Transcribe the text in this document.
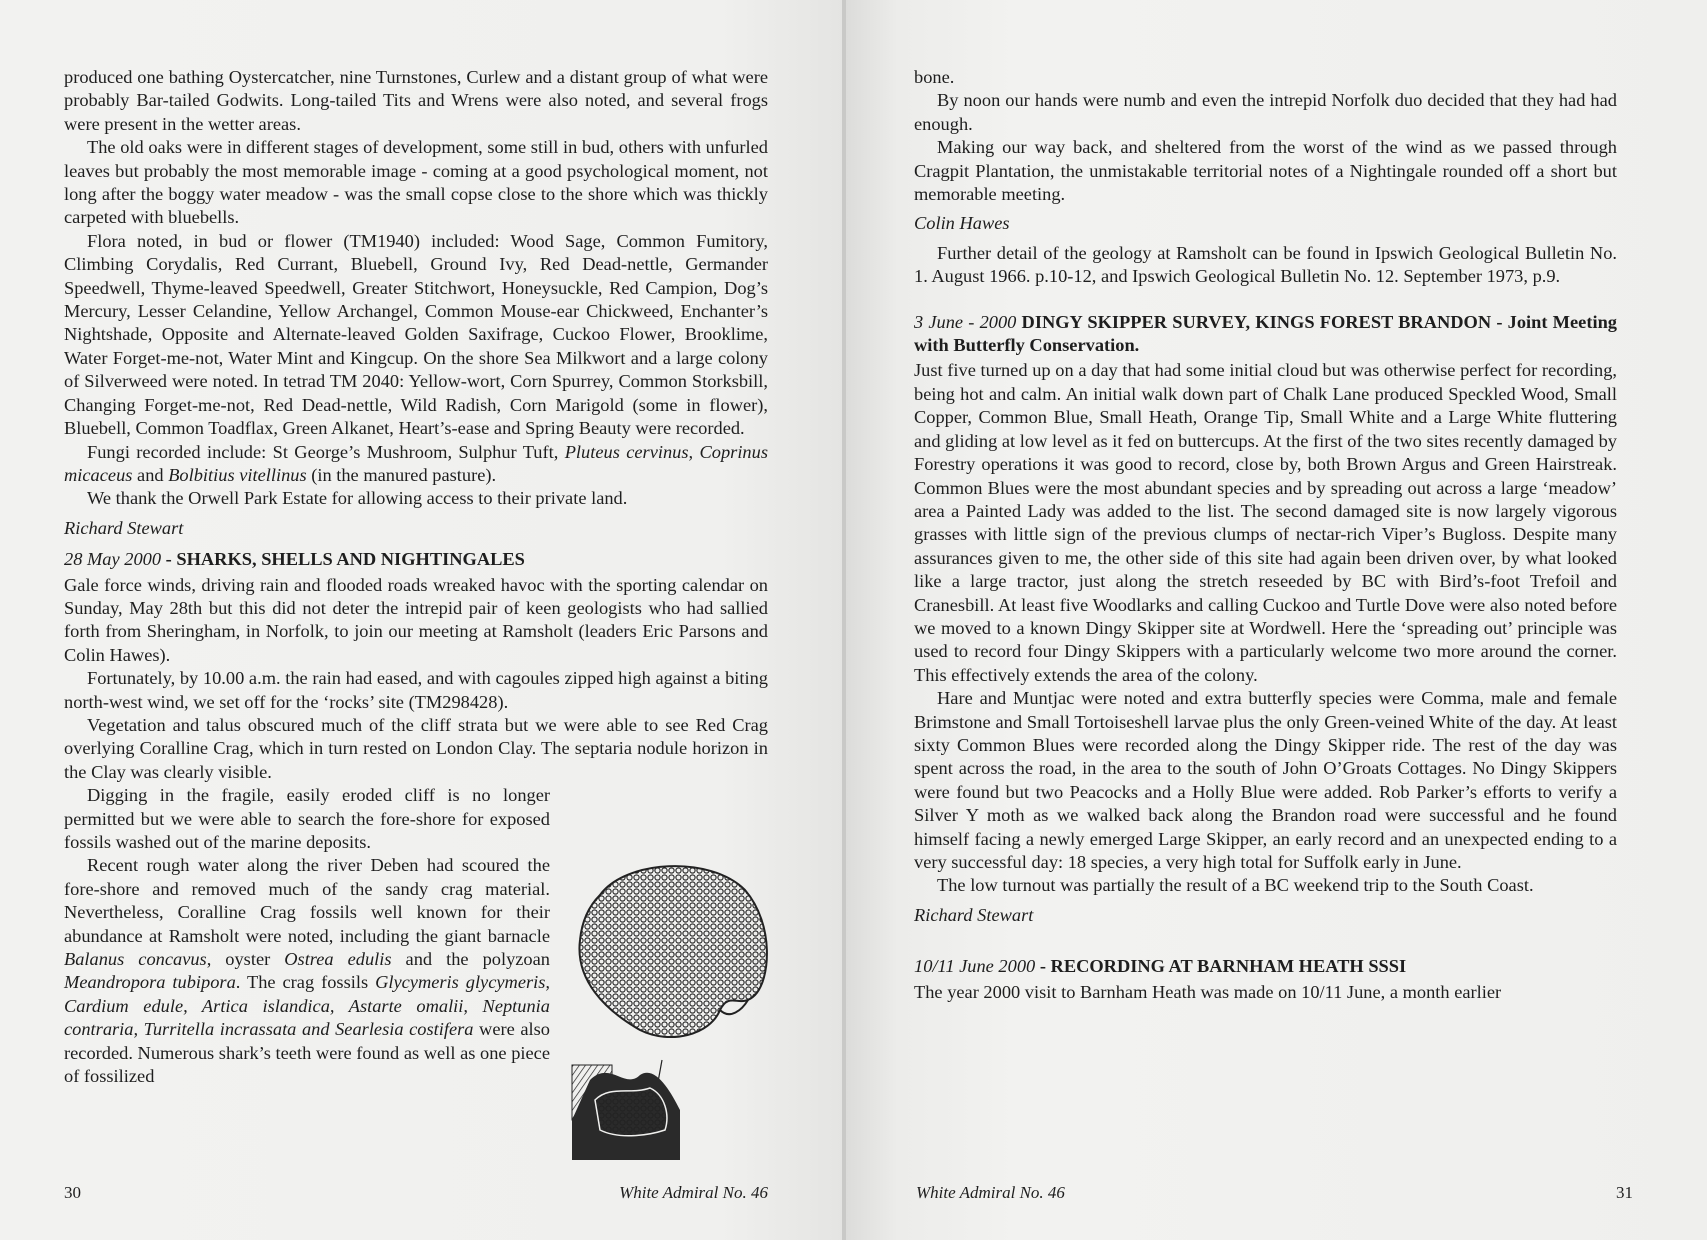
produced one bathing Oystercatcher, nine Turnstones, Curlew and a distant group of what were probably Bar-tailed Godwits. Long-tailed Tits and Wrens were also noted, and several frogs were present in the wetter areas.

The old oaks were in different stages of development, some still in bud, others with unfurled leaves but probably the most memorable image - coming at a good psychological moment, not long after the boggy water meadow - was the small copse close to the shore which was thickly carpeted with bluebells.

Flora noted, in bud or flower (TM1940) included: Wood Sage, Common Fumitory, Climbing Corydalis, Red Currant, Bluebell, Ground Ivy, Red Dead-nettle, Germander Speedwell, Thyme-leaved Speedwell, Greater Stitchwort, Honeysuckle, Red Campion, Dog’s Mercury, Lesser Celandine, Yellow Archangel, Common Mouse-ear Chickweed, Enchanter’s Nightshade, Opposite and Alternate-leaved Golden Saxifrage, Cuckoo Flower, Brooklime, Water Forget-me-not, Water Mint and Kingcup. On the shore Sea Milkwort and a large colony of Silverweed were noted. In tetrad TM 2040: Yellow-wort, Corn Spurrey, Common Storksbill, Changing Forget-me-not, Red Dead-nettle, Wild Radish, Corn Marigold (some in flower), Bluebell, Common Toadflax, Green Alkanet, Heart’s-ease and Spring Beauty were recorded.

Fungi recorded include: St George’s Mushroom, Sulphur Tuft, Pluteus cervinus, Coprinus micaceus and Bolbitius vitellinus (in the manured pasture).

We thank the Orwell Park Estate for allowing access to their private land.

Richard Stewart

28 May 2000 - SHARKS, SHELLS AND NIGHTINGALES

Gale force winds, driving rain and flooded roads wreaked havoc with the sporting calendar on Sunday, May 28th but this did not deter the intrepid pair of keen geologists who had sallied forth from Sheringham, in Norfolk, to join our meeting at Ramsholt (leaders Eric Parsons and Colin Hawes).

Fortunately, by 10.00 a.m. the rain had eased, and with cagoules zipped high against a biting north-west wind, we set off for the ‘rocks’ site (TM298428).

Vegetation and talus obscured much of the cliff strata but we were able to see Red Crag overlying Coralline Crag, which in turn rested on London Clay. The septaria nodule horizon in the Clay was clearly visible.

Digging in the fragile, easily eroded cliff is no longer permitted but we were able to search the fore-shore for exposed fossils washed out of the marine deposits.

Recent rough water along the river Deben had scoured the fore-shore and removed much of the sandy crag material. Nevertheless, Coralline Crag fossils well known for their abundance at Ramsholt were noted, including the giant barnacle Balanus concavus, oyster Ostrea edulis and the polyzoan Meandropora tubipora. The crag fossils Glycymeris glycymeris, Cardium edule, Artica islandica, Astarte omalii, Neptunia contraria, Turritella incrassata and Searlesia costifera were also recorded. Numerous shark’s teeth were found as well as one piece of fossilized

30	White Admiral No. 46

bone.

By noon our hands were numb and even the intrepid Norfolk duo decided that they had had enough.

Making our way back, and sheltered from the worst of the wind as we passed through Cragpit Plantation, the unmistakable territorial notes of a Nightingale rounded off a short but memorable meeting.

Colin Hawes

Further detail of the geology at Ramsholt can be found in Ipswich Geological Bulletin No. 1. August 1966. p.10-12, and Ipswich Geological Bulletin No. 12. September 1973, p.9.

3 June - 2000 DINGY SKIPPER SURVEY, KINGS FOREST BRANDON - Joint Meeting with Butterfly Conservation.

Just five turned up on a day that had some initial cloud but was otherwise perfect for recording, being hot and calm. An initial walk down part of Chalk Lane produced Speckled Wood, Small Copper, Common Blue, Small Heath, Orange Tip, Small White and a Large White fluttering and gliding at low level as it fed on buttercups. At the first of the two sites recently damaged by Forestry operations it was good to record, close by, both Brown Argus and Green Hairstreak. Common Blues were the most abundant species and by spreading out across a large ‘meadow’ area a Painted Lady was added to the list. The second damaged site is now largely vigorous grasses with little sign of the previous clumps of nectar-rich Viper’s Bugloss. Despite many assurances given to me, the other side of this site had again been driven over, by what looked like a large tractor, just along the stretch reseeded by BC with Bird’s-foot Trefoil and Cranesbill. At least five Woodlarks and calling Cuckoo and Turtle Dove were also noted before we moved to a known Dingy Skipper site at Wordwell. Here the ‘spreading out’ principle was used to record four Dingy Skippers with a particularly welcome two more around the corner. This effectively extends the area of the colony.

Hare and Muntjac were noted and extra butterfly species were Comma, male and female Brimstone and Small Tortoiseshell larvae plus the only Green-veined White of the day. At least sixty Common Blues were recorded along the Dingy Skipper ride. The rest of the day was spent across the road, in the area to the south of John O’Groats Cottages. No Dingy Skippers were found but two Peacocks and a Holly Blue were added. Rob Parker’s efforts to verify a Silver Y moth as we walked back along the Brandon road were successful and he found himself facing a newly emerged Large Skipper, an early record and an unexpected ending to a very successful day: 18 species, a very high total for Suffolk early in June.

The low turnout was partially the result of a BC weekend trip to the South Coast.

Richard Stewart

10/11 June 2000 - RECORDING AT BARNHAM HEATH SSSI

The year 2000 visit to Barnham Heath was made on 10/11 June, a month earlier

White Admiral No. 46	31
